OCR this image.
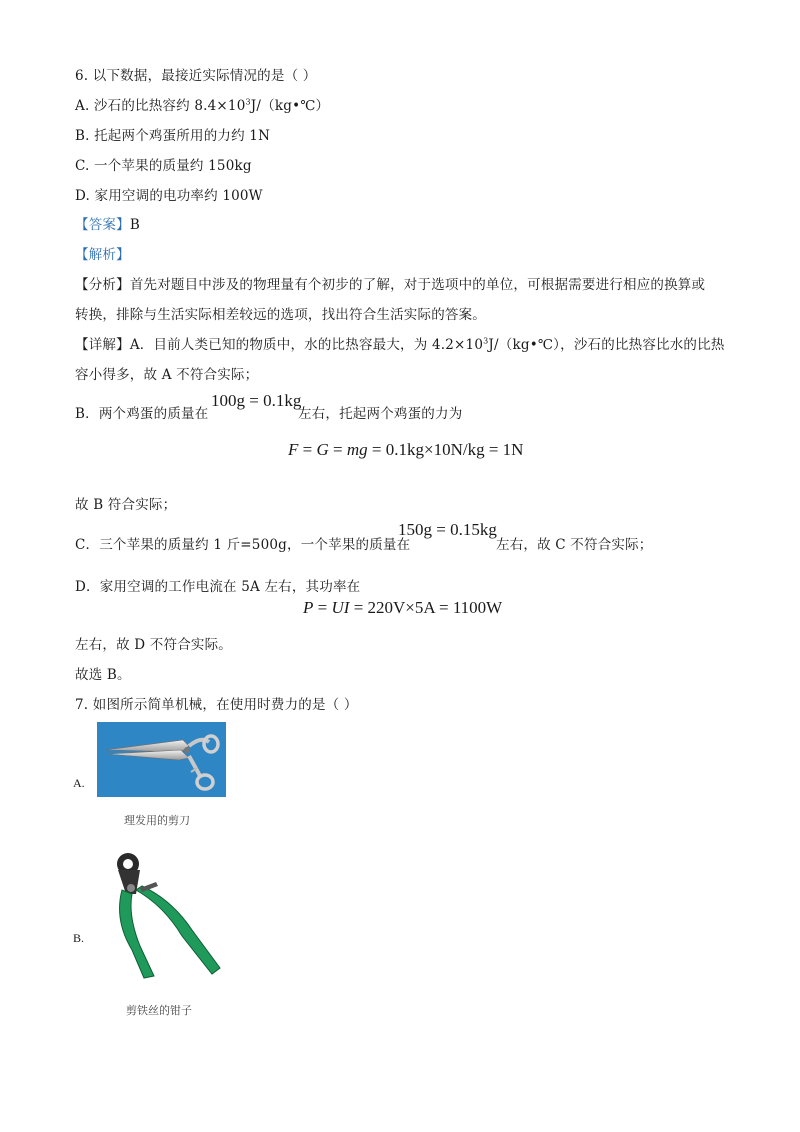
6. 以下数据，最接近实际情况的是（ ）
A. 沙石的比热容约 $8.4\times 10^3J/(kg•℃)$
B. 托起两个鸡蛋所用的力约 1N
C. 一个苹果的质量约 150kg
D. 家用空调的电功率约 100W
【答案】B
【解析】
【分析】首先对题目中涉及的物理量有个初步的了解，对于选项中的单位，可根据需要进行相应的换算或
转换，排除与生活实际相差较远的选项，找出符合生活实际的答案。
【详解】A．目前人类已知的物质中，水的比热容最大，为 $4.2\times 10^3J/(kg•℃)$，沙石的比热容比水的比热
容小得多，故 A 不符合实际；
B．两个鸡蛋的质量在
100g = 0.1kg
左右，托起两个鸡蛋的力为
F = G = mg = 0.1kg×10N/kg = 1N
故 B 符合实际；
C．三个苹果的质量约 1 斤=500g，一个苹果的质量在
150g = 0.15kg
左右，故 C 不符合实际；
D．家用空调的工作电流在 5A 左右，其功率在
P = UI = 220V×5A = 1100W
左右，故 D 不符合实际。
故选 B。
7. 如图所示简单机械，在使用时费力的是（ ）
A.
理发用的剪刀
B.
剪铁丝的钳子
